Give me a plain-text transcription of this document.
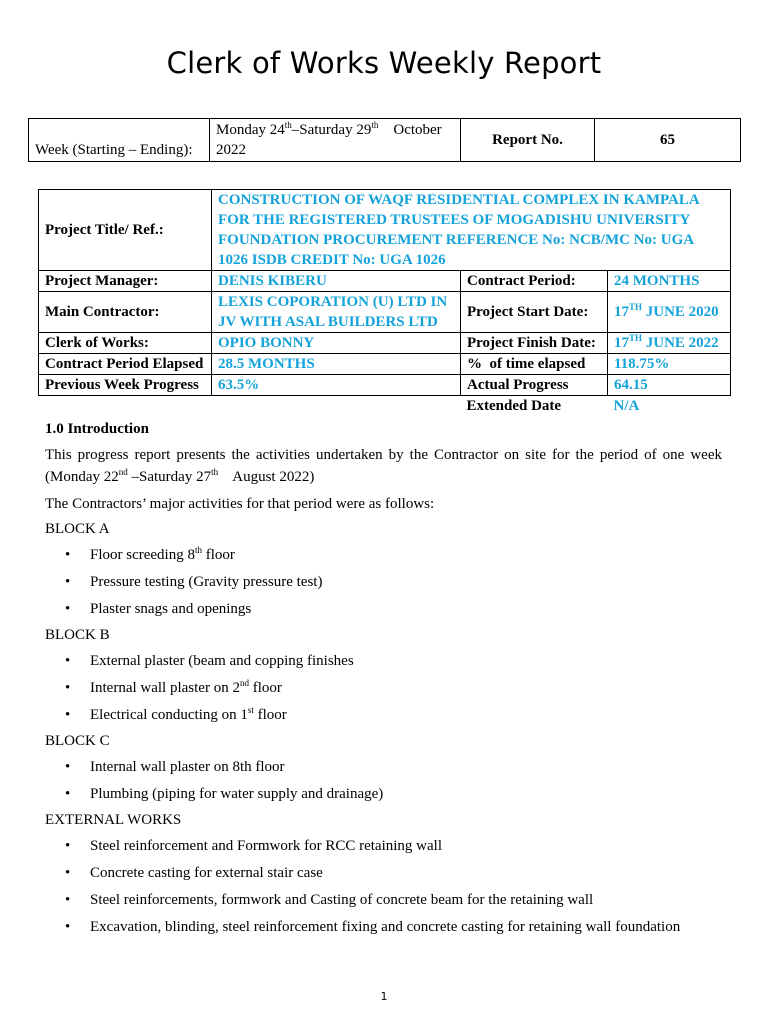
Clerk of Works Weekly Report
Week (Starting – Ending):	Monday 24th–Saturday 29th    October 2022	Report No.	65
Project Title/ Ref.:	CONSTRUCTION OF WAQF RESIDENTIAL COMPLEX IN KAMPALA FOR THE REGISTERED TRUSTEES OF MOGADISHU UNIVERSITY FOUNDATION PROCUREMENT REFERENCE No: NCB/MC No: UGA 1026 ISDB CREDIT No: UGA 1026		
Project Manager:	DENIS KIBERU	Contract Period:	24 MONTHS
Main Contractor:	LEXIS COPORATION (U) LTD IN JV WITH ASAL BUILDERS LTD	Project Start Date:	17TH JUNE 2020
Clerk of Works:	OPIO BONNY	Project Finish Date:	17TH JUNE 2022
Contract Period Elapsed	28.5 MONTHS	%  of time elapsed	118.75%
Previous Week Progress	63.5%	Actual Progress	64.15
		Extended Date	N/A

1.0 Introduction

This progress report presents the activities undertaken by the Contractor on site for the period of one week (Monday 22nd –Saturday 27th    August 2022)

The Contractors’ major activities for that period were as follows:

BLOCK A

• Floor screeding 8th floor
• Pressure testing (Gravity pressure test)
• Plaster snags and openings

BLOCK B

• External plaster (beam and copping finishes
• Internal wall plaster on 2nd floor
• Electrical conducting on 1st floor

BLOCK C

• Internal wall plaster on 8th floor
• Plumbing (piping for water supply and drainage)

EXTERNAL WORKS

• Steel reinforcement and Formwork for RCC retaining wall
• Concrete casting for external stair case
• Steel reinforcements, formwork and Casting of concrete beam for the retaining wall
• Excavation, blinding, steel reinforcement fixing and concrete casting for retaining wall foundation
1
